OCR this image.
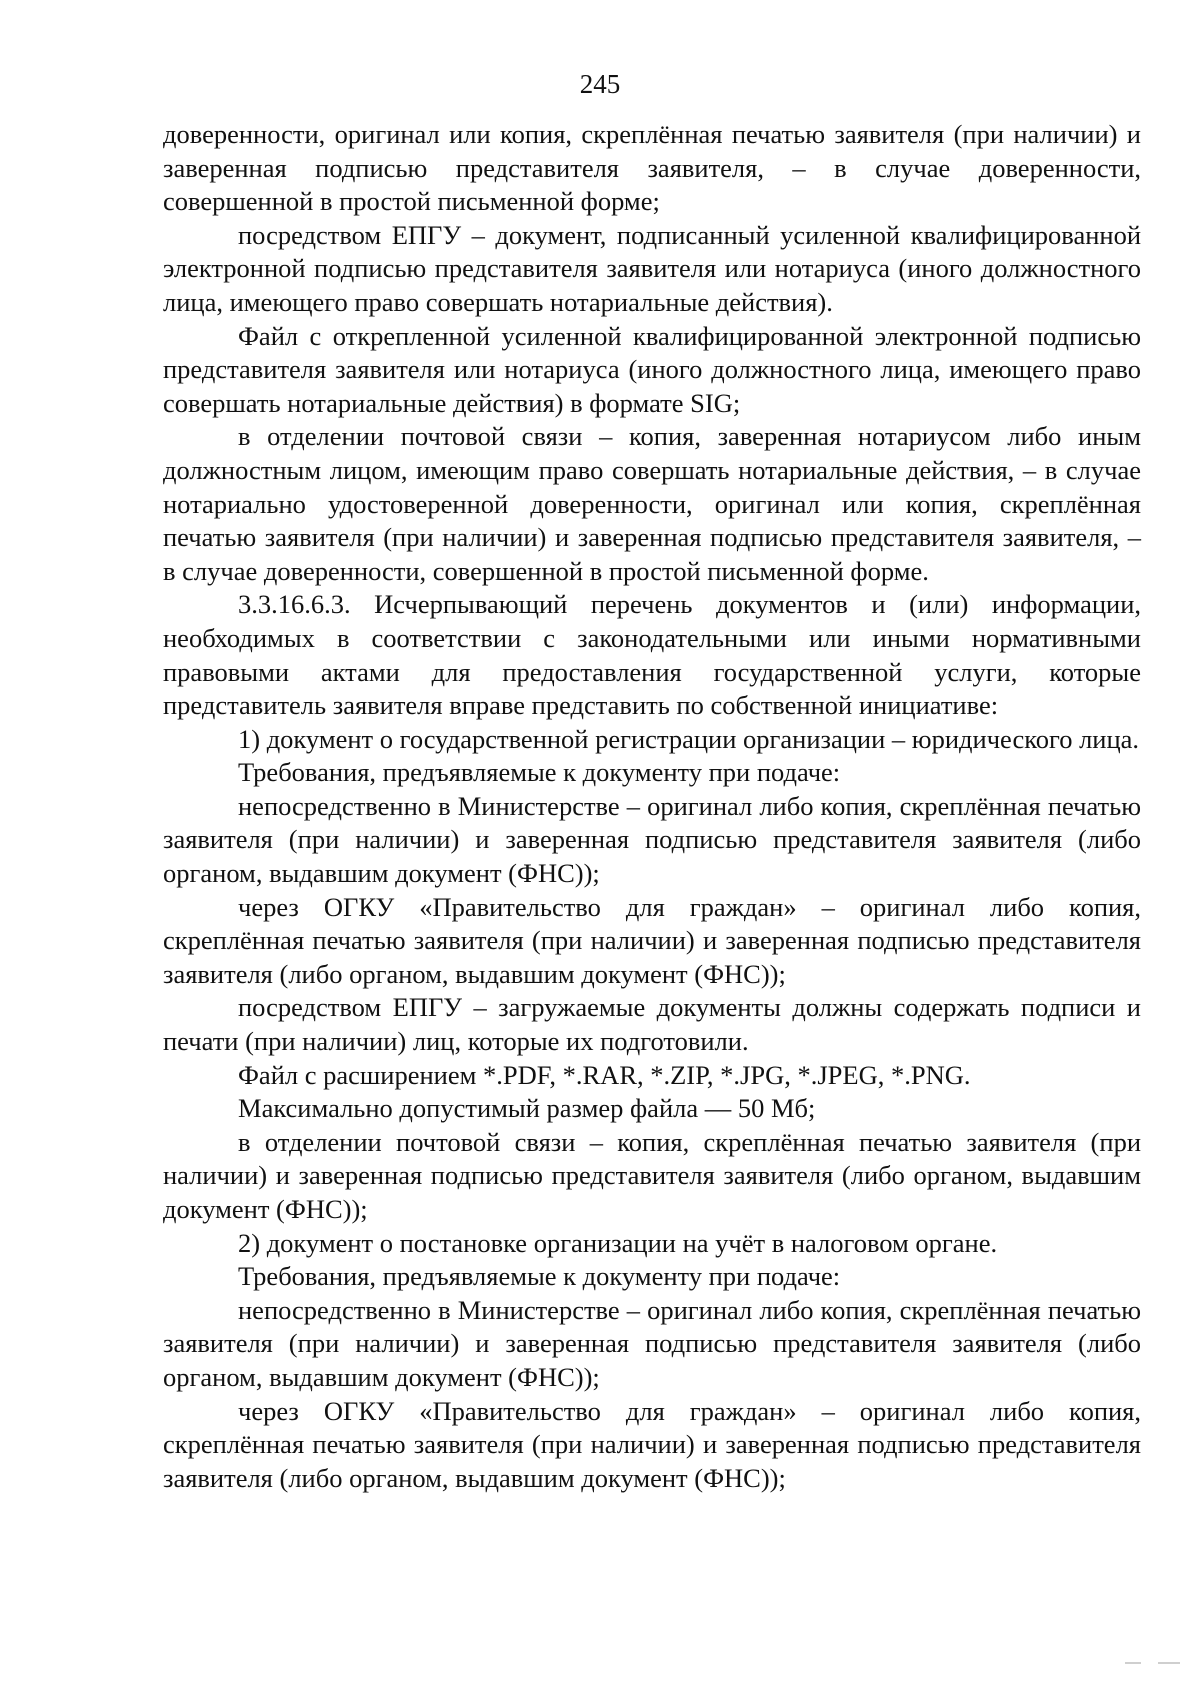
245

доверенности, оригинал или копия, скреплённая печатью заявителя (при наличии) и заверенная подписью представителя заявителя, – в случае доверенности, совершенной в простой письменной форме;

посредством ЕПГУ – документ, подписанный усиленной квалифицированной электронной подписью представителя заявителя или нотариуса (иного должностного лица, имеющего право совершать нотариальные действия).

Файл с открепленной усиленной квалифицированной электронной подписью представителя заявителя или нотариуса (иного должностного лица, имеющего право совершать нотариальные действия) в формате SIG;

в отделении почтовой связи – копия, заверенная нотариусом либо иным должностным лицом, имеющим право совершать нотариальные действия, – в случае нотариально удостоверенной доверенности, оригинал или копия, скреплённая печатью заявителя (при наличии) и заверенная подписью представителя заявителя, – в случае доверенности, совершенной в простой письменной форме.

3.3.16.6.3. Исчерпывающий перечень документов и (или) информации, необходимых в соответствии с законодательными или иными нормативными правовыми актами для предоставления государственной услуги, которые представитель заявителя вправе представить по собственной инициативе:

1) документ о государственной регистрации организации – юридического лица.

Требования, предъявляемые к документу при подаче:

непосредственно в Министерстве – оригинал либо копия, скреплённая печатью заявителя (при наличии) и заверенная подписью представителя заявителя (либо органом, выдавшим документ (ФНС));

через ОГКУ «Правительство для граждан» – оригинал либо копия, скреплённая печатью заявителя (при наличии) и заверенная подписью представителя заявителя (либо органом, выдавшим документ (ФНС));

посредством ЕПГУ – загружаемые документы должны содержать подписи и печати (при наличии) лиц, которые их подготовили.

Файл с расширением *.PDF, *.RAR, *.ZIP, *.JPG, *.JPEG, *.PNG.

Максимально допустимый размер файла — 50 Мб;

в отделении почтовой связи – копия, скреплённая печатью заявителя (при наличии) и заверенная подписью представителя заявителя (либо органом, выдавшим документ (ФНС));

2) документ о постановке организации на учёт в налоговом органе.

Требования, предъявляемые к документу при подаче:

непосредственно в Министерстве – оригинал либо копия, скреплённая печатью заявителя (при наличии) и заверенная подписью представителя заявителя (либо органом, выдавшим документ (ФНС));

через ОГКУ «Правительство для граждан» – оригинал либо копия, скреплённая печатью заявителя (при наличии) и заверенная подписью представителя заявителя (либо органом, выдавшим документ (ФНС));
